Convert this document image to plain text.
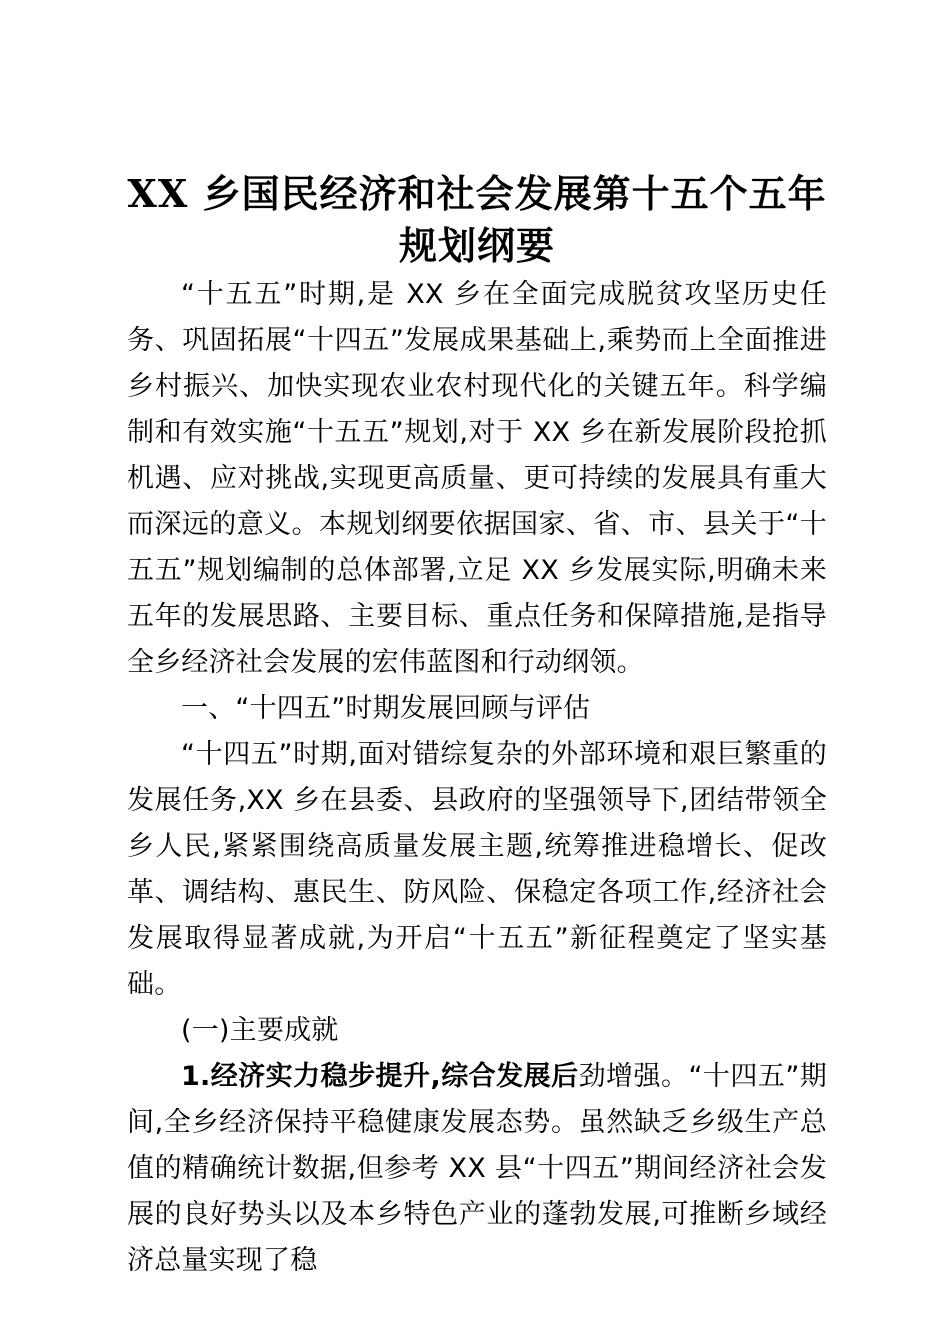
XX 乡国民经济和社会发展第十五个五年规划纲要

“十五五”时期,是 XX 乡在全面完成脱贫攻坚历史任务、巩固拓展“十四五”发展成果基础上,乘势而上全面推进乡村振兴、加快实现农业农村现代化的关键五年。科学编制和有效实施“十五五”规划,对于 XX 乡在新发展阶段抢抓机遇、应对挑战,实现更高质量、更可持续的发展具有重大而深远的意义。本规划纲要依据国家、省、市、县关于“十五五”规划编制的总体部署,立足 XX 乡发展实际,明确未来五年的发展思路、主要目标、重点任务和保障措施,是指导全乡经济社会发展的宏伟蓝图和行动纲领。

一、“十四五”时期发展回顾与评估

“十四五”时期,面对错综复杂的外部环境和艰巨繁重的发展任务,XX 乡在县委、县政府的坚强领导下,团结带领全乡人民,紧紧围绕高质量发展主题,统筹推进稳增长、促改革、调结构、惠民生、防风险、保稳定各项工作,经济社会发展取得显著成就,为开启“十五五”新征程奠定了坚实基础。

(一)主要成就

1.经济实力稳步提升,综合发展后劲增强。“十四五”期间,全乡经济保持平稳健康发展态势。虽然缺乏乡级生产总值的精确统计数据,但参考 XX 县“十四五”期间经济社会发展的良好势头以及本乡特色产业的蓬勃发展,可推断乡域经济总量实现了稳
